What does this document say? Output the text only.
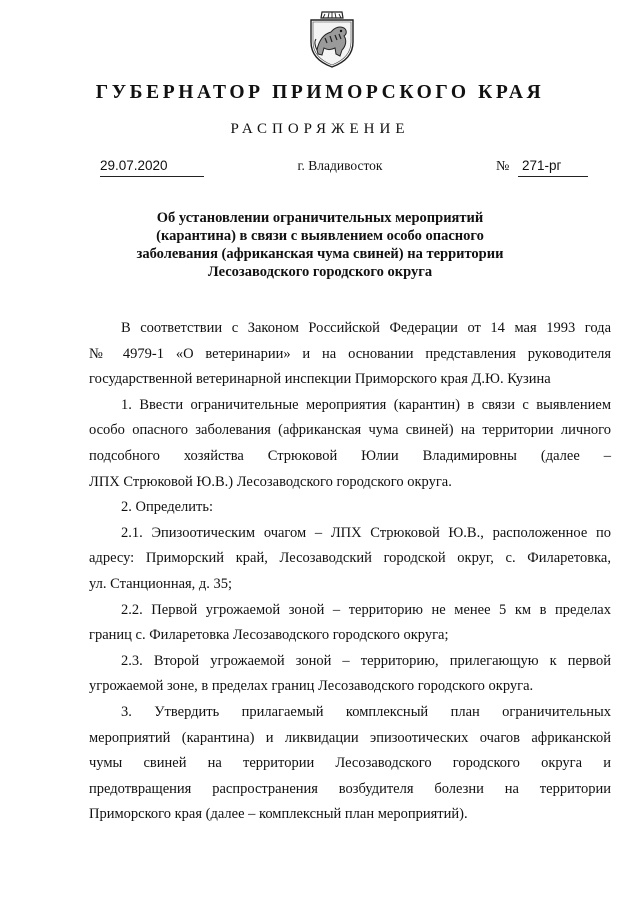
ГУБЕРНАТОР ПРИМОРСКОГО КРАЯ
РАСПОРЯЖЕНИЕ
29.07.2020	г. Владивосток	№ 271-рг
Об установлении ограничительных мероприятий
(карантина) в связи с выявлением особо опасного
заболевания (африканская чума свиней) на территории
Лесозаводского городского округа
В соответствии с Законом Российской Федерации от 14 мая 1993 года
№ 4979-1 «О ветеринарии» и на основании представления руководителя
государственной ветеринарной инспекции Приморского края Д.Ю. Кузина
1. Ввести ограничительные мероприятия (карантин) в связи с выявлением
особо опасного заболевания (африканская чума свиней) на территории личного
подсобного хозяйства Стрюковой Юлии Владимировны (далее –
ЛПХ Стрюковой Ю.В.) Лесозаводского городского округа.
2. Определить:
2.1. Эпизоотическим очагом – ЛПХ Стрюковой Ю.В., расположенное по
адресу: Приморский край, Лесозаводский городской округ, с. Филаретовка,
ул. Станционная, д. 35;
2.2. Первой угрожаемой зоной – территорию не менее 5 км в пределах
границ с. Филаретовка Лесозаводского городского округа;
2.3. Второй угрожаемой зоной – территорию, прилегающую к первой
угрожаемой зоне, в пределах границ Лесозаводского городского округа.
3. Утвердить прилагаемый комплексный план ограничительных
мероприятий (карантина) и ликвидации эпизоотических очагов африканской
чумы свиней на территории Лесозаводского городского округа и
предотвращения распространения возбудителя болезни на территории
Приморского края (далее – комплексный план мероприятий).
